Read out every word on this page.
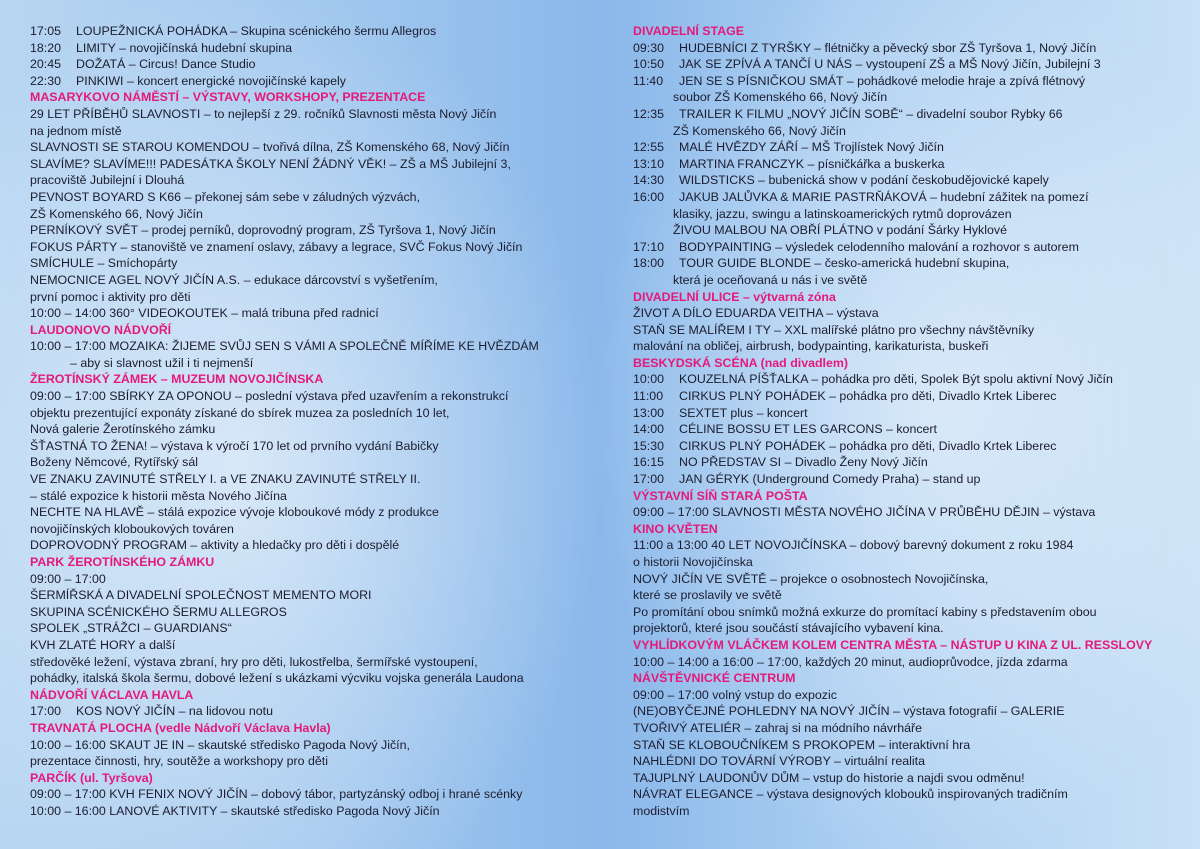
17:05 LOUPEŽNICKÁ POHÁDKA – Skupina scénického šermu Allegros
18:20 LIMITY – novojičínská hudební skupina
20:45 DOŽATÁ – Circus! Dance Studio
22:30 PINKIWI – koncert energické novojičínské kapely
MASARYKOVO NÁMĚSTÍ – VÝSTAVY, WORKSHOPY, PREZENTACE
29 LET PŘÍBĚHŮ SLAVNOSTI – to nejlepší z 29. ročníků Slavnosti města Nový Jičín
na jednom místě
SLAVNOSTI SE STAROU KOMENDOU – tvořivá dílna, ZŠ Komenského 68, Nový Jičín
SLAVÍME? SLAVÍME!!! PADESÁTKA ŠKOLY NENÍ ŽÁDNÝ VĚK! – ZŠ a MŠ Jubilejní 3,
pracoviště Jubilejní i Dlouhá
PEVNOST BOYARD S K66 – překonej sám sebe v záludných výzvách,
ZŠ Komenského 66, Nový Jičín
PERNÍKOVÝ SVĚT – prodej perníků, doprovodný program, ZŠ Tyršova 1, Nový Jičín
FOKUS PÁRTY – stanoviště ve znamení oslavy, zábavy a legrace, SVČ Fokus Nový Jičín
SMÍCHULE – Smíchopárty
NEMOCNICE AGEL NOVÝ JIČÍN A.S. – edukace dárcovství s vyšetřením,
první pomoc i aktivity pro děti
10:00 – 14:00 360° VIDEOKOUTEK – malá tribuna před radnicí
LAUDONOVO NÁDVOŘÍ
10:00 – 17:00 MOZAIKA: ŽIJEME SVŮJ SEN S VÁMI A SPOLEČNĚ MÍŘÍME KE HVĚZDÁM
– aby si slavnost užil i ti nejmenší
ŽEROTÍNSKÝ ZÁMEK – MUZEUM NOVOJIČÍNSKA
09:00 – 17:00 SBÍRKY ZA OPONOU – poslední výstava před uzavřením a rekonstrukcí
objektu prezentující exponáty získané do sbírek muzea za posledních 10 let,
Nová galerie Žerotínského zámku
ŠŤASTNÁ TO ŽENA! – výstava k výročí 170 let od prvního vydání Babičky
Boženy Němcové, Rytířský sál
VE ZNAKU ZAVINUTÉ STŘELY I. a VE ZNAKU ZAVINUTÉ STŘELY II.
– stálé expozice k historii města Nového Jičína
NECHTE NA HLAVĚ – stálá expozice vývoje kloboukové módy z produkce
novojičínských kloboukových továren
DOPROVODNÝ PROGRAM – aktivity a hledačky pro děti i dospělé
PARK ŽEROTÍNSKÉHO ZÁMKU
09:00 – 17:00
ŠERMÍŘSKÁ A DIVADELNÍ SPOLEČNOST MEMENTO MORI
SKUPINA SCÉNICKÉHO ŠERMU ALLEGROS
SPOLEK „STRÁŽCI – GUARDIANS“
KVH ZLATÉ HORY a další
středověké ležení, výstava zbraní, hry pro děti, lukostřelba, šermířské vystoupení,
pohádky, italská škola šermu, dobové ležení s ukázkami výcviku vojska generála Laudona
NÁDVOŘÍ VÁCLAVA HAVLA
17:00 KOS NOVÝ JIČÍN – na lidovou notu
TRAVNATÁ PLOCHA (vedle Nádvoří Václava Havla)
10:00 – 16:00 SKAUT JE IN – skautské středisko Pagoda Nový Jičín,
prezentace činnosti, hry, soutěže a workshopy pro děti
PARČÍK (ul. Tyršova)
09:00 – 17:00 KVH FENIX NOVÝ JIČÍN – dobový tábor, partyzánský odboj i hrané scénky
10:00 – 16:00 LANOVÉ AKTIVITY – skautské středisko Pagoda Nový Jičín
DIVADELNÍ STAGE
09:30 HUDEBNÍCI Z TYRŠKY – flétničky a pěvecký sbor ZŠ Tyršova 1, Nový Jičín
10:50 JAK SE ZPÍVÁ A TANČÍ U NÁS – vystoupení ZŠ a MŠ Nový Jičín, Jubilejní 3
11:40 JEN SE S PÍSNIČKOU SMÁT – pohádkové melodie hraje a zpívá flétnový
soubor ZŠ Komenského 66, Nový Jičín
12:35 TRAILER K FILMU „NOVÝ JIČÍN SOBĚ“ – divadelní soubor Rybky 66
ZŠ Komenského 66, Nový Jičín
12:55 MALÉ HVĚZDY ZÁŘÍ – MŠ Trojlístek Nový Jičín
13:10 MARTINA FRANCZYK – písničkářka a buskerka
14:30 WILDSTICKS – bubenická show v podání českobudějovické kapely
16:00 JAKUB JALŮVKA & MARIE PASTRŇÁKOVÁ – hudební zážitek na pomezí
klasiky, jazzu, swingu a latinskoamerických rytmů doprovázen
ŽIVOU MALBOU NA OBŘÍ PLÁTNO v podání Šárky Hyklové
17:10 BODYPAINTING – výsledek celodenního malování a rozhovor s autorem
18:00 TOUR GUIDE BLONDE – česko-americká hudební skupina,
která je oceňovaná u nás i ve světě
DIVADELNÍ ULICE – výtvarná zóna
ŽIVOT A DÍLO EDUARDA VEITHA – výstava
STAŇ SE MALÍŘEM I TY – XXL malířské plátno pro všechny návštěvníky
malování na obličej, airbrush, bodypainting, karikaturista, buskeři
BESKYDSKÁ SCÉNA (nad divadlem)
10:00 KOUZELNÁ PÍŠŤALKA – pohádka pro děti, Spolek Být spolu aktivní Nový Jičín
11:00 CIRKUS PLNÝ POHÁDEK – pohádka pro děti, Divadlo Krtek Liberec
13:00 SEXTET plus – koncert
14:00 CÉLINE BOSSU ET LES GARCONS – koncert
15:30 CIRKUS PLNÝ POHÁDEK – pohádka pro děti, Divadlo Krtek Liberec
16:15 NO PŘEDSTAV SI – Divadlo Ženy Nový Jičín
17:00 JAN GÉRYK (Underground Comedy Praha) – stand up
VÝSTAVNÍ SÍŇ STARÁ POŠTA
09:00 – 17:00 SLAVNOSTI MĚSTA NOVÉHO JIČÍNA V PRŮBĚHU DĚJIN – výstava
KINO KVĚTEN
11:00 a 13:00 40 LET NOVOJIČÍNSKA – dobový barevný dokument z roku 1984
o historii Novojičínska
NOVÝ JIČÍN VE SVĚTĚ – projekce o osobnostech Novojičínska,
které se proslavily ve světě
Po promítání obou snímků možná exkurze do promítací kabiny s představením obou
projektorů, které jsou součástí stávajícího vybavení kina.
VYHLÍDKOVÝM VLÁČKEM KOLEM CENTRA MĚSTA – NÁSTUP U KINA Z UL. RESSLOVY
10:00 – 14:00 a 16:00 – 17:00, každých 20 minut, audioprůvodce, jízda zdarma
NÁVŠTĚVNICKÉ CENTRUM
09:00 – 17:00 volný vstup do expozic
(NE)OBYČEJNÉ POHLEDNY NA NOVÝ JIČÍN – výstava fotografií – GALERIE
TVOŘIVÝ ATELIÉR – zahraj si na módního návrháře
STAŇ SE KLOBOUČNÍKEM S PROKOPEM – interaktivní hra
NAHLÉDNI DO TOVÁRNÍ VÝROBY – virtuální realita
TAJUPLNÝ LAUDONŮV DŮM – vstup do historie a najdi svou odměnu!
NÁVRAT ELEGANCE – výstava designových klobouků inspirovaných tradičním
modistvím
